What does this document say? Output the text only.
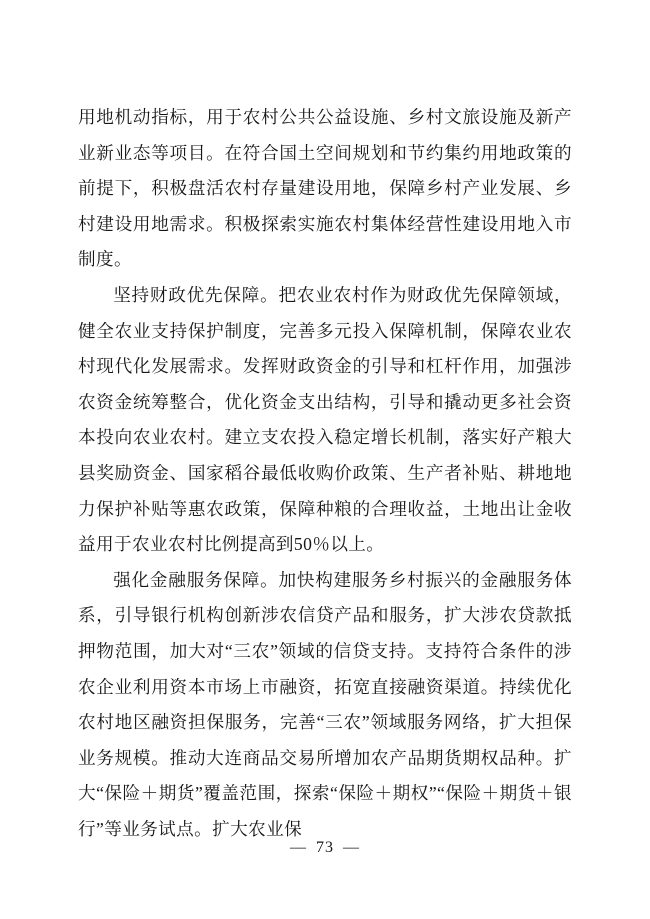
用地机动指标，用于农村公共公益设施、乡村文旅设施及新产业新业态等项目。在符合国土空间规划和节约集约用地政策的前提下，积极盘活农村存量建设用地，保障乡村产业发展、乡村建设用地需求。积极探索实施农村集体经营性建设用地入市制度。

坚持财政优先保障。把农业农村作为财政优先保障领域，健全农业支持保护制度，完善多元投入保障机制，保障农业农村现代化发展需求。发挥财政资金的引导和杠杆作用，加强涉农资金统筹整合，优化资金支出结构，引导和撬动更多社会资本投向农业农村。建立支农投入稳定增长机制，落实好产粮大县奖励资金、国家稻谷最低收购价政策、生产者补贴、耕地地力保护补贴等惠农政策，保障种粮的合理收益，土地出让金收益用于农业农村比例提高到50％以上。

强化金融服务保障。加快构建服务乡村振兴的金融服务体系，引导银行机构创新涉农信贷产品和服务，扩大涉农贷款抵押物范围，加大对“三农”领域的信贷支持。支持符合条件的涉农企业利用资本市场上市融资，拓宽直接融资渠道。持续优化农村地区融资担保服务，完善“三农”领域服务网络，扩大担保业务规模。推动大连商品交易所增加农产品期货期权品种。扩大“保险＋期货”覆盖范围，探索“保险＋期权”“保险＋期货＋银行”等业务试点。扩大农业保

— 73 —
